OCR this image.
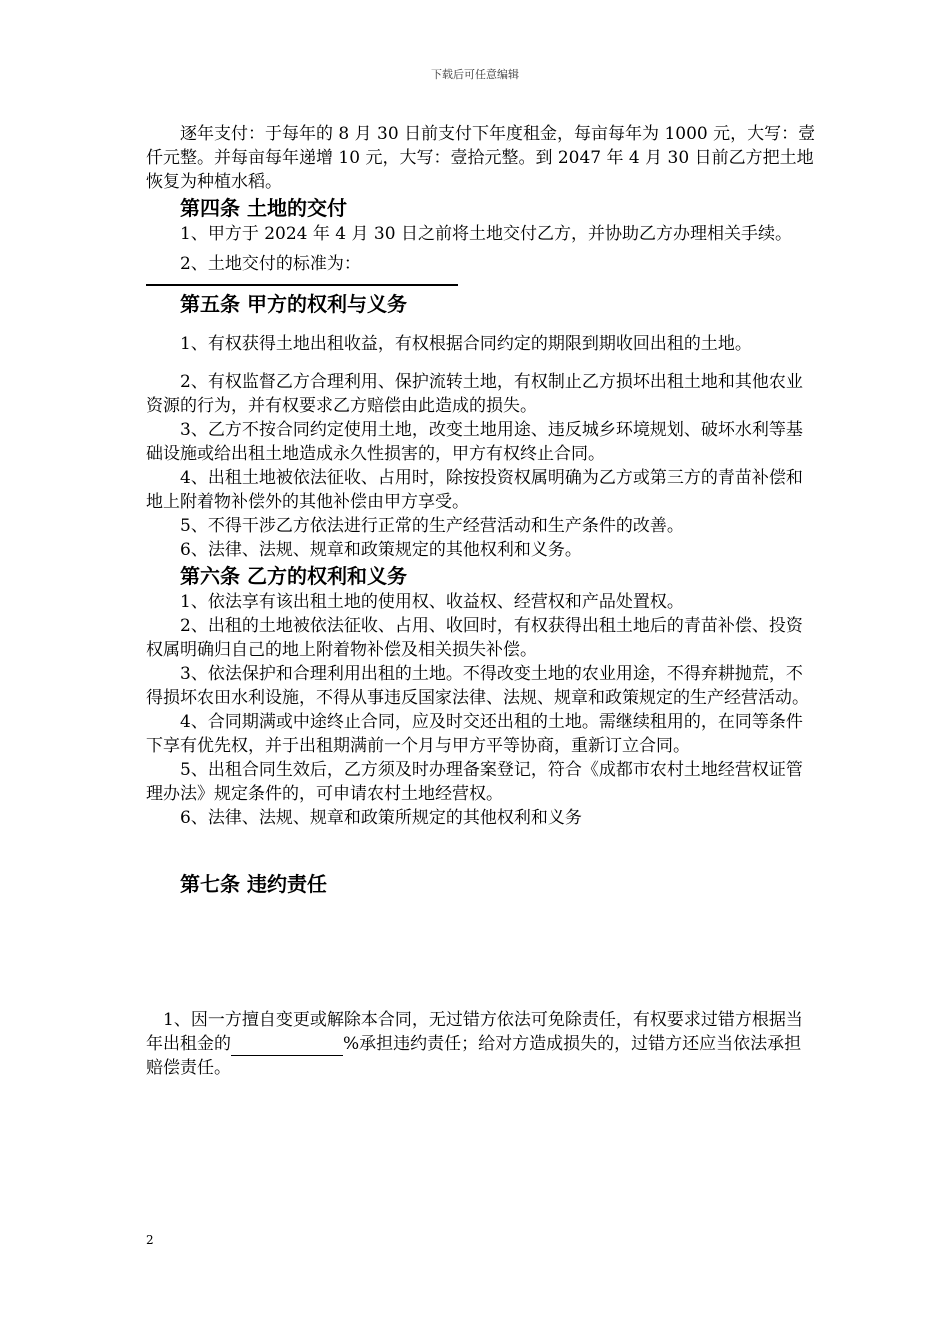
下载后可任意编辑

逐年支付：于每年的 8 月 30 日前支付下年度租金，每亩每年为 1000 元，大写：壹仟元整。并每亩每年递增 10 元，大写：壹拾元整。到 2047 年 4 月 30 日前乙方把土地恢复为种植水稻。

第四条 土地的交付

1、甲方于 2024 年 4 月 30 日之前将土地交付乙方，并协助乙方办理相关手续。

2、土地交付的标准为：

第五条 甲方的权利与义务

1、有权获得土地出租收益，有权根据合同约定的期限到期收回出租的土地。

2、有权监督乙方合理利用、保护流转土地，有权制止乙方损坏出租土地和其他农业资源的行为，并有权要求乙方赔偿由此造成的损失。

3、乙方不按合同约定使用土地，改变土地用途、违反城乡环境规划、破坏水利等基础设施或给出租土地造成永久性损害的，甲方有权终止合同。

4、出租土地被依法征收、占用时，除按投资权属明确为乙方或第三方的青苗补偿和地上附着物补偿外的其他补偿由甲方享受。

5、不得干涉乙方依法进行正常的生产经营活动和生产条件的改善。

6、法律、法规、规章和政策规定的其他权利和义务。

第六条 乙方的权利和义务

1、依法享有该出租土地的使用权、收益权、经营权和产品处置权。

2、出租的土地被依法征收、占用、收回时，有权获得出租土地后的青苗补偿、投资权属明确归自己的地上附着物补偿及相关损失补偿。

3、依法保护和合理利用出租的土地。不得改变土地的农业用途，不得弃耕抛荒，不得损坏农田水利设施，不得从事违反国家法律、法规、规章和政策规定的生产经营活动。

4、合同期满或中途终止合同，应及时交还出租的土地。需继续租用的，在同等条件下享有优先权，并于出租期满前一个月与甲方平等协商，重新订立合同。

5、出租合同生效后，乙方须及时办理备案登记，符合《成都市农村土地经营权证管理办法》规定条件的，可申请农村土地经营权。

6、法律、法规、规章和政策所规定的其他权利和义务

第七条 违约责任

1、因一方擅自变更或解除本合同，无过错方依法可免除责任，有权要求过错方根据当年出租金的	%承担违约责任；给对方造成损失的，过错方还应当依法承担赔偿责任。

2
